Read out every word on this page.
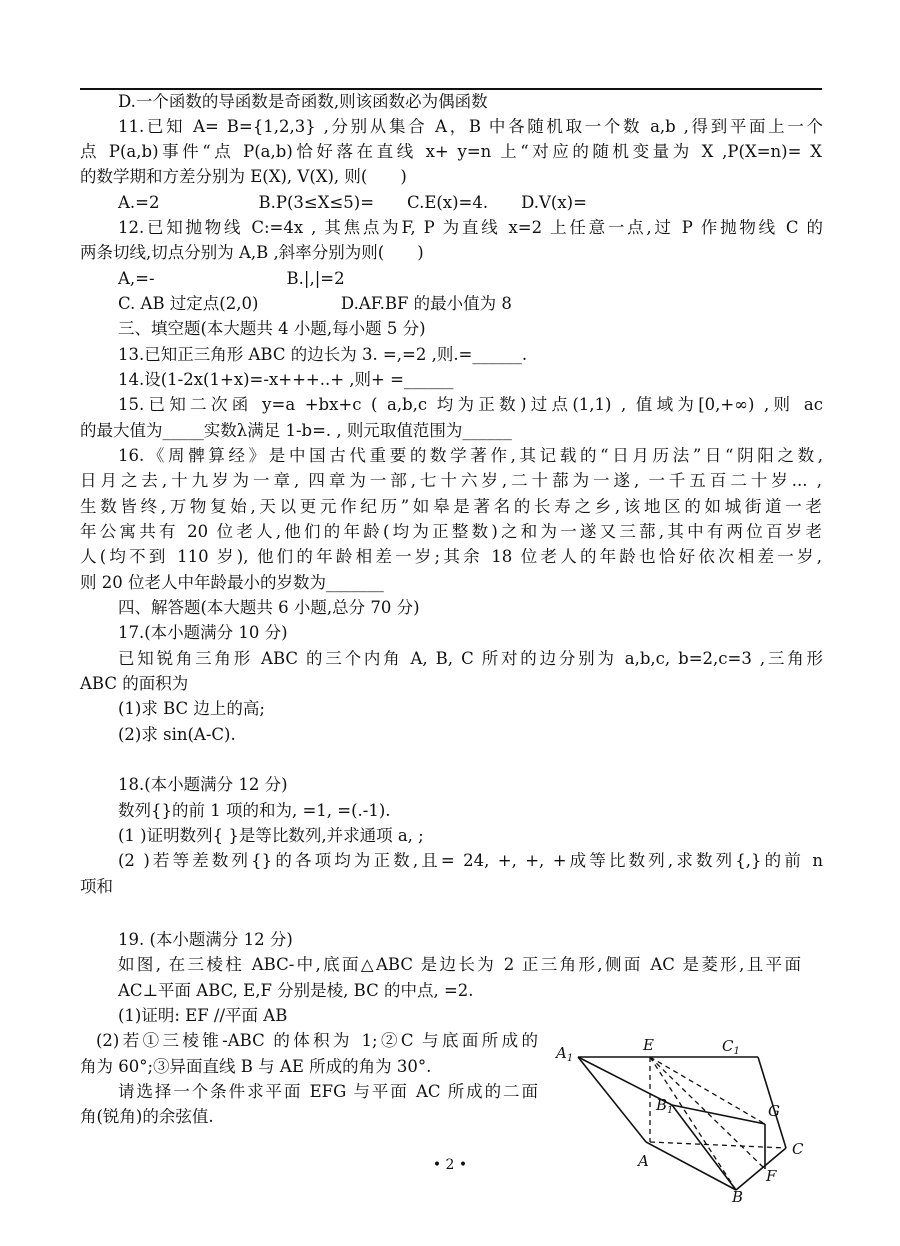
D.一个函数的导函数是奇函数,则该函数必为偶函数
11.已知 A= B={1,2,3} ,分别从集合 A，B 中各随机取一个数 a,b ,得到平面上一个
点 P(a,b)事件“点 P(a,b)恰好落在直线 x+ y=n 上“对应的随机变量为 X ,P(X=n)= X
的数学期和方差分别为 E(X), V(X), 则(　　)
A.=2　　　　　　B.P(3≤X≤5)=　　C.E(x)=4.　　D.V(x)=
12.已知抛物线 C:=4x , 其焦点为F, P 为直线 x=2 上任意一点,过 P 作抛物线 C 的
两条切线,切点分别为 A,B ,斜率分别为则(　　)
A,=-　　　　　　　　B.|,|=2
C. AB 过定点(2,0)　　　　　D.AF.BF 的最小值为 8
三、填空题(本大题共 4 小题,每小题 5 分)
13.已知正三角形 ABC 的边长为 3. =,=2 ,则.=______.
14.设(1-2x(1+x)=-x+++..+ ,则+ =______
15.已知二次函 y=a +bx+c ( a,b,c 均为正数)过点(1,1) , 值域为[0,+∞) ,则 ac
的最大值为_____实数λ满足 1-b=. , 则元取值范围为______
16.《周髀算经》是中国古代重要的数学著作,其记载的“日月历法”日“阴阳之数,
日月之去,十九岁为一章, 四章为一部,七十六岁,二十蔀为一遂, 一千五百二十岁... ,
生数皆终,万物复始,天以更元作纪历”如皋是著名的长寿之乡,该地区的如城街道一老
年公寓共有 20 位老人,他们的年龄(均为正整数)之和为一遂又三蔀,其中有两位百岁老
人(均不到 110 岁), 他们的年龄相差一岁;其余 18 位老人的年龄也恰好依次相差一岁,
则 20 位老人中年龄最小的岁数为_______
四、解答题(本大题共 6 小题,总分 70 分)
17.(本小题满分 10 分)
已知锐角三角形 ABC 的三个内角 A, B, C 所对的边分别为 a,b,c, b=2,c=3 ,三角形
ABC 的面积为
(1)求 BC 边上的高;
(2)求 sin(A-C).
18.(本小题满分 12 分)
数列{}的前 1 项的和为, =1, =(.-1).
(1 )证明数列{ }是等比数列,并求通项 a, ;
(2 )若等差数列{}的各项均为正数,且= 24, +, +, +成等比数列,求数列{,}的前 n
项和
19. (本小题满分 12 分)
如图, 在三棱柱 ABC-中,底面△ABC 是边长为 2 正三角形,侧面 AC 是菱形,且平面
AC⊥平面 ABC, E,F 分别是棱, BC 的中点, =2.
(1)证明: EF //平面 AB
(2)若①三棱锥-ABC 的体积为 1;②C 与底面所成的
角为 60°;③异面直线 B 与 AE 所成的角为 30°.
请选择一个条件求平面 EFG 与平面 AC 所成的二面
角(锐角)的余弦值.
$A_1$
E	$C_1$
$B_1$	G
C
A
F
B
• 2 •
